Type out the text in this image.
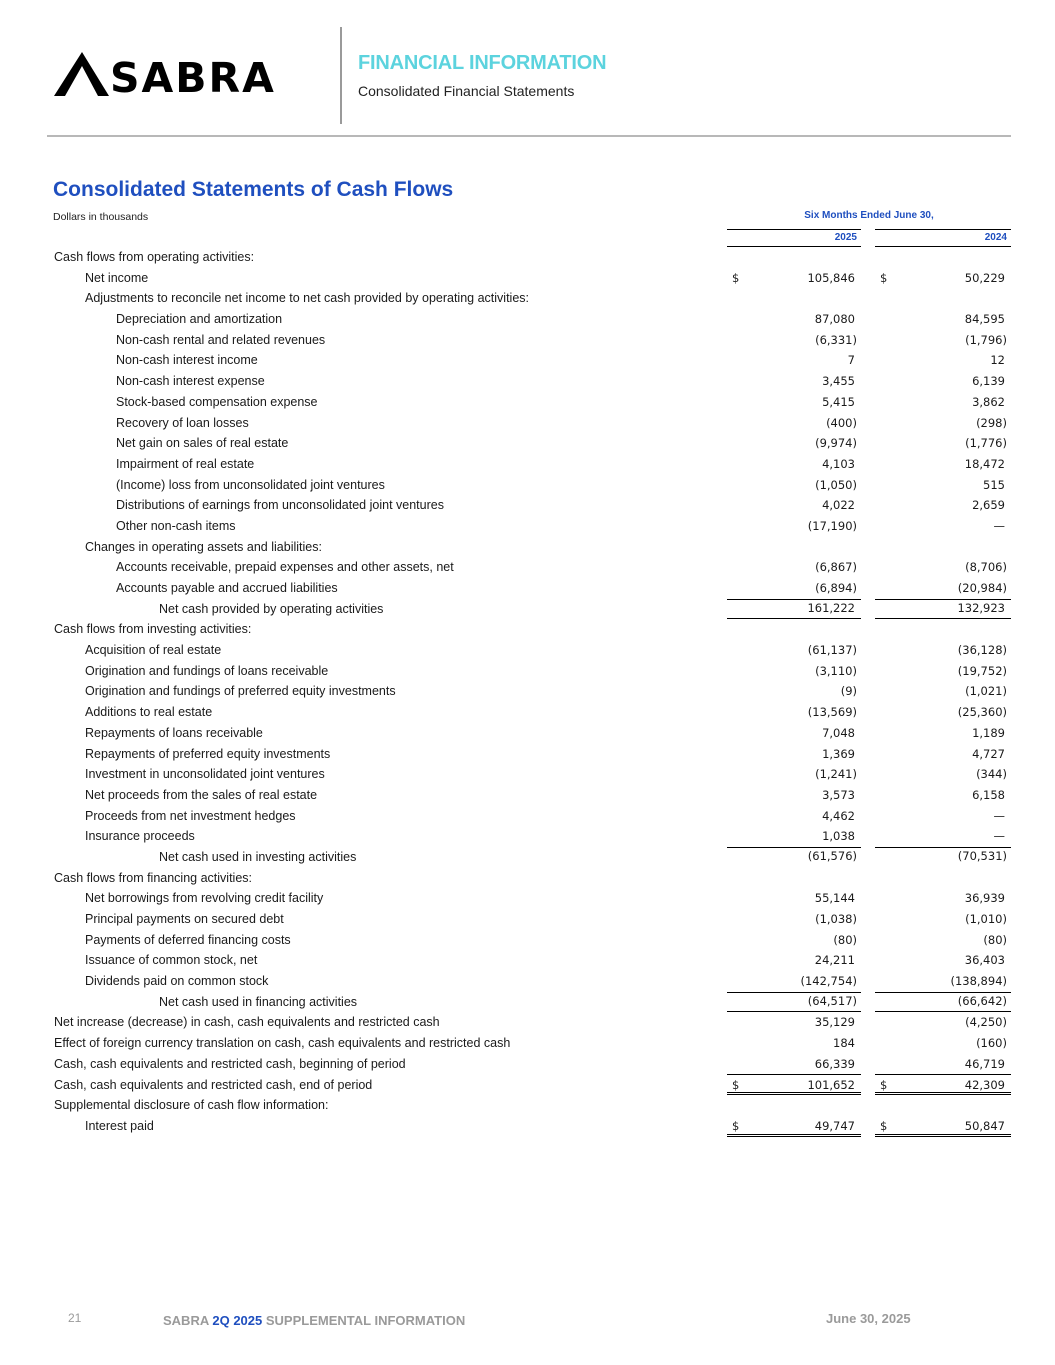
SABRA	FINANCIAL INFORMATION
Consolidated Financial Statements
Consolidated Statements of Cash Flows
Dollars in thousands	Six Months Ended June 30,
2025	2024
Cash flows from operating activities:
Net income	$	105,846 $	50,229
Adjustments to reconcile net income to net cash provided by operating activities:
Depreciation and amortization	87,080	84,595
Non-cash rental and related revenues	(6,331)	(1,796)
Non-cash interest income	7	12
Non-cash interest expense	3,455	6,139
Stock-based compensation expense	5,415	3,862
Recovery of loan losses	(400)	(298)
Net gain on sales of real estate	(9,974)	(1,776)
Impairment of real estate	4,103	18,472
(Income) loss from unconsolidated joint ventures	(1,050)	515
Distributions of earnings from unconsolidated joint ventures	4,022	2,659
Other non-cash items	(17,190)	—
Changes in operating assets and liabilities:
Accounts receivable, prepaid expenses and other assets, net	(6,867)	(8,706)
Accounts payable and accrued liabilities	(6,894)	(20,984)
Net cash provided by operating activities	161,222	132,923
Cash flows from investing activities:
Acquisition of real estate	(61,137)	(36,128)
Origination and fundings of loans receivable	(3,110)	(19,752)
Origination and fundings of preferred equity investments	(9)	(1,021)
Additions to real estate	(13,569)	(25,360)
Repayments of loans receivable	7,048	1,189
Repayments of preferred equity investments	1,369	4,727
Investment in unconsolidated joint ventures	(1,241)	(344)
Net proceeds from the sales of real estate	3,573	6,158
Proceeds from net investment hedges	4,462	—
Insurance proceeds	1,038	—
Net cash used in investing activities	(61,576)	(70,531)
Cash flows from financing activities:
Net borrowings from revolving credit facility	55,144	36,939
Principal payments on secured debt	(1,038)	(1,010)
Payments of deferred financing costs	(80)	(80)
Issuance of common stock, net	24,211	36,403
Dividends paid on common stock	(142,754)	(138,894)
Net cash used in financing activities	(64,517)	(66,642)
Net increase (decrease) in cash, cash equivalents and restricted cash	35,129	(4,250)
Effect of foreign currency translation on cash, cash equivalents and restricted cash	184	(160)
Cash, cash equivalents and restricted cash, beginning of period	66,339	46,719
Cash, cash equivalents and restricted cash, end of period	$	101,652 $	42,309
Supplemental disclosure of cash flow information:
Interest paid	$	49,747 $	50,847
21	SABRA 2Q 2025 SUPPLEMENTAL INFORMATION	June 30, 2025
